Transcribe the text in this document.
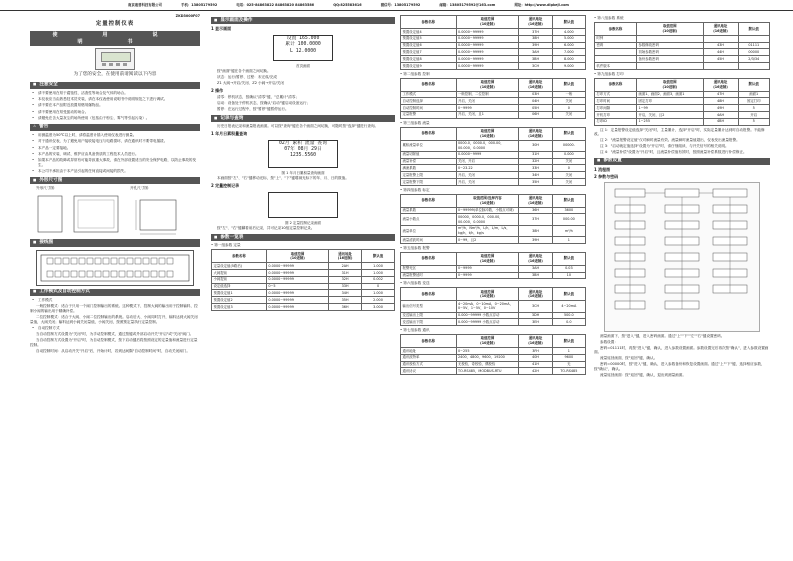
南京迪普科技有限公司	手机：13805179592	电话：025-84863822 84863820 84863586	QQ:825583616	微信号：13805179592	邮箱：13805179592@163.com	网址：http://www.dipkeji.com
ZKD3000F07
定量控制仪表
使　用　说　明　书
为了您的安全，在使用前请阅读以下内容
■ 注意安全
• 请不要使用在易于腐蚀性、活泼性等场合及气体的场合。
• 本仪表应当由熟悉技术员安装，请在本仪表使用说明书中说明规范之下进行调试。
• 请不要在本产品附近放置易燃易爆物品。
• 请不要使用在易受振动的场合。
• 请避免在含大量灰尘的场所使用（包括由于粉尘、雾气等引起污染）。
⚠ 警告
• 用测温度为50℃以上时，请将温度计插入使用仪表进行测量。
• 对于通讯仪表，为了避免用户接收接电压与电路损坏，请在通讯时不要带电插拔。
• 本产品一定要接地。
• 本产品的安装、调试、维护应由具备资质的工程技术人员进行。
• 如果本产品的故障或异常有可能导致重大事故，请在外部设置适当的安全保护电路，以防止事故的发生。
• 本公司不承担由于本产品引起的任何直接或间接的损失。
■ 外形尺寸图
外形尺寸图：	开孔尺寸图：
■ 接线图
■ 工作模式及自动控制方式
• 工作模式

一般控制模式：适合于只用一个阀门控制输出的系统。这种模式下，控制大阀的输出用于控制输料，控制小阀的输出用于精确补偿。

二位控制模式：适合于大阀、小阀二位控制输出的系统。启动后大、小阀同时打开，输料达到大阀关闭量值，大阀关闭；输料达到小阀关闭量值，小阀关闭，按照预定量执行定量控制。

• 自动控制方式

当自动控制方式设置为"关闭"时，为手动控制模式，通过按键或外部启动开关"开启"或"关闭"阀门。

当自动控制方式设置为"开启"时，为自动控制模式，按下启动键后将按照设定的定量值和流量进行定量控制。

自动控制时间：从启动开关"开启"后，开始计时，若到达间隔"自动控制时间"时，自动关闭阀门。

■ 显示画面及操作
1 显示画面
设置 165.000
累计 100.0000
L 12.0000
首页画面

按"画面"键在各个画面之间切换。

状态：运行/暂停、过程：未完成/完成

Z1 大阀→开启/关闭、Z2 小阀→开启/关闭

2 操作

清零：停机状态，按确认"清零"键，"总累计"清零；

启动：设备处于停机状态，按确认"启动"键启动设备运行；

暂停：在运行过程中，按"暂停"键暂停运行。

■ 记录与查询

历史日报表记录和流量报表画面。可以按"查询"键在各个画面之间切换，可随时按"选择"键进行查询。

1 年月日累积量查询
02月 累积 流量 查询
07年 08月 29日
1235.5560
图 1 年月日累积量查询画面

本画面按"左"、"右"键移动光标，按"上"、"下"键增减光标下的年、月、日的数值。

2 定量控制记录
图 2 定量控制记录画面

按"左"、"右"键翻看前后记录，共可记录10组定量控制记录。

■ 参数一览表
• 第一组参数 定量
参数名称	取值范围
(10进制)	通讯地址
(16进制)	默认值
定量设定值(5路后)	0.0000~99999	2AH	1.000
大阀提前	0.0000~99999	31H	1.000
小阀提前	0.0000~99999	32H	0.002
设定值选择	0~5	33H	0
预置设定值1	0.0000~99999	34H	1.000
预置设定值2	0.0000~99999	35H	2.000
预置设定值3	0.0000~99999	36H	3.000
参数名称	取值范围
(10进制)	通讯地址
(16进制)	默认值
预置设定值4	0.0000~99999	37H	4.000
预置设定值5	0.0000~99999	38H	5.000
预置设定值6	0.0000~99999	39H	6.000
预置设定值7	0.0000~99999	3AH	7.000
预置设定值8	0.0000~99999	3BH	8.000
预置设定值9	0.0000~99999	3CH	9.000
• 第二组参数 控制
参数名称	取值范围
(10进制)	通讯地址
(16进制)	默认值
工作模式	一般控制，二位控制	03H	一般
自动控制选择	开启，关闭	04H	关闭
自动控制时间	0~9999	05H	0
定量报警	开启，关闭，且1	06H	关闭
• 第三组参数 流量
参数名称	取值范围
(10进制)	通讯地址
(16进制)	默认值
累积流量单位	0000.0，0000.0，000.00，00.000，0.0000	30H	00000.
流量切除值	0.0000~9999	31H	0.000
流量补偿	关闭，开启	32H	关闭
满流系数	0~23.22	33H	0
定量报警上限	开启，关闭	34H	关闭
定量报警下限	开启，关闭	35H	关闭
• 第四组参数 标定
参数名称	取值范围/选择内容
(10进制)	通讯地址
(16进制)	默认值
流量系数	0~99999(单位脉冲数，小数点可调)	36H	3600
流量小数点	00000，0000.0，000.00，00.000，0.0000	37H	000.00
流量单位	m³/h，Nm³/h，L/h，L/m，L/s，kg/h，t/h，kg/s	38H	m³/h
流量滤波时间	0~99，且2	39H	1
• 第五组参数 报警
参数名称	取值范围
(10进制)	通讯地址
(16进制)	默认值
报警死区	0~9999	3AH	0.03
流量报警延时	0~9999	3BH	10
• 第六组参数 变送
参数名称	取值范围
(10进制)	通讯地址
(16进制)	默认值
输出信号类型	4~20mA，0~10mA，0~20mA，0~5V，1~5V，0~10V	3CH	4~20mA
变送输出上限	0.000~99999 小数点浮动	3DH	500.0
变送输出下限	0.000~99999 小数点浮动	3EH	0.0
• 第七组参数 通讯
参数名称	取值范围
(10进制)	通讯地址
(16进制)	默认值
通讯地址	0~255	3FH	1
通讯波特率	2400，4800，9600，19200	40H	9600
通讯校验方式	无校验，奇校验，偶校验	41H	无
通讯协议	TO-RS485，MODBUS-RTU	42H	TO-RS485
• 第八组参数 系统
参数名称	取值范围
(10进制)	通讯地址
(16进制)	默认值
时钟			
密码	参数修改密码	43H	01111
	初始参数密码	44H	00000
	备份参数密码	45H	2/3/34
软件版本			
• 第九组参数 打印
参数名称	取值范围
(10进制)	通讯地址
(16进制)	默认值
打印方式	画面1、画面2、画面3，画面1	47H	画面1
打印时间	固定打印	48H	固定打印
打印间隔	1~99	49H	5
开机打印	开启，关闭，且2	4AH	开启
打印ID	1~255	4BH	5

注 1：定量报警设定值选择"关闭"时，主量累计，选择"开启"时，实际定量累计达到时自动报警。不能修改。

注 2："流量报警设定值"仅对瞬时流量有效。流量瞬时流量值超出，仪表发出流量报警。

注 3："启动就定值选择"设置为"开启"时，请仔细阅读，与开关信号的相关说明。

注 4："流量补偿"设置为"开启"时，且流量补偿值有效时，按照流量补偿系数进行补偿修正。

■ 参数设置
1 流程图
2 参数与密码

测量画面下，按"进入"键，进入密码画面。通过"上""下""左""右"键设置密码。

参数设置：

密码=01111时，再按"进入"键，确认，进入参数设置画面。参数设置完后再次按"确认"，进入参数设置画面。

流量返回画面，按"返回"键，确认。

密码=00000时，按"进入"键，确认，进入参数备份和恢复设置画面。通过"上""下"键，选择相应参数，按"确认"，确认。

流量返回画面：按"返回"键，确认，退出到测量画面。
